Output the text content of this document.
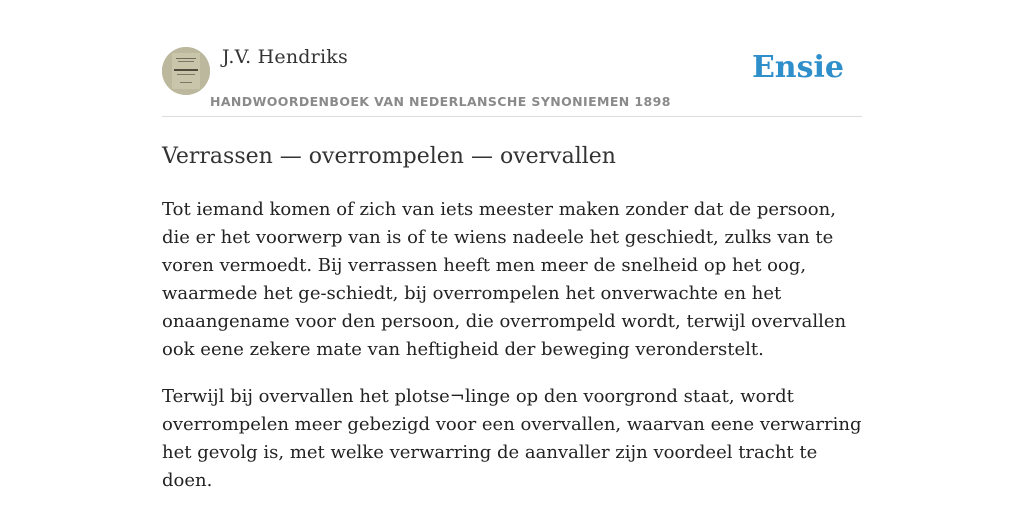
J.V. Hendriks
HANDWOORDENBOEK VAN NEDERLANSCHE SYNONIEMEN 1898
Ensie
Verrassen — overrompelen — overvallen

Tot iemand komen of zich van iets meester maken zonder dat de persoon, die er het voorwerp van is of te wiens nadeele het geschiedt, zulks van te voren vermoedt. Bij verrassen heeft men meer de snelheid op het oog, waarmede het ge-schiedt, bij overrompelen het onverwachte en het onaangename voor den persoon, die overrompeld wordt, terwijl overvallen ook eene zekere mate van heftigheid der beweging veronderstelt.

Terwijl bij overvallen het plotse¬linge op den voorgrond staat, wordt overrompelen meer gebezigd voor een overvallen, waarvan eene verwarring het gevolg is, met welke verwarring de aanvaller zijn voordeel tracht te doen.
